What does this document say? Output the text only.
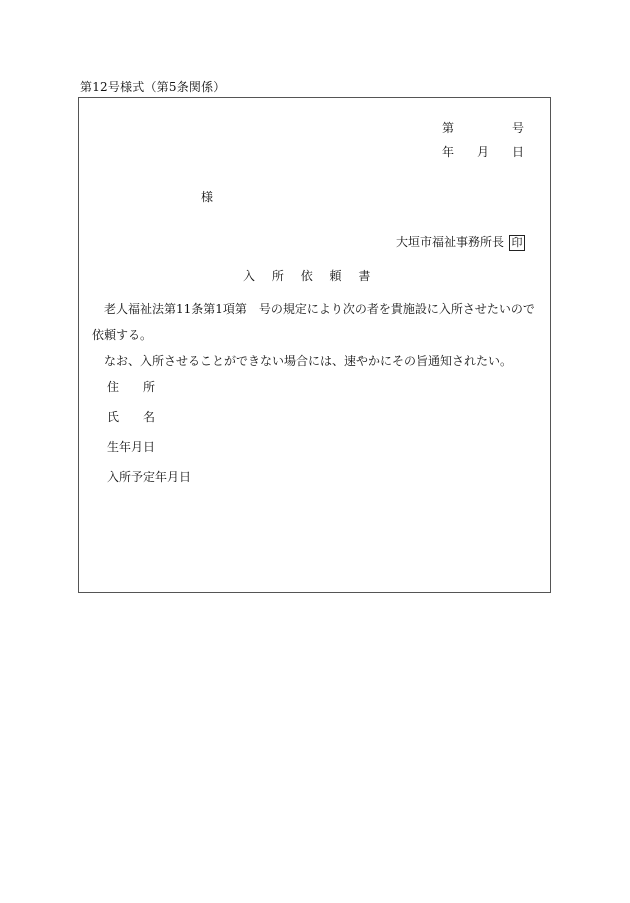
第12号様式（第5条関係）
第	号
年 月 日
様
大垣市福祉事務所長 印
入 所 依 頼 書

老人福祉法第11条第1項第　号の規定により次の者を貴施設に入所させたいので依頼する。

なお、入所させることができない場合には、速やかにその旨通知されたい。

住　　所
氏　　名
生年月日
入所予定年月日
